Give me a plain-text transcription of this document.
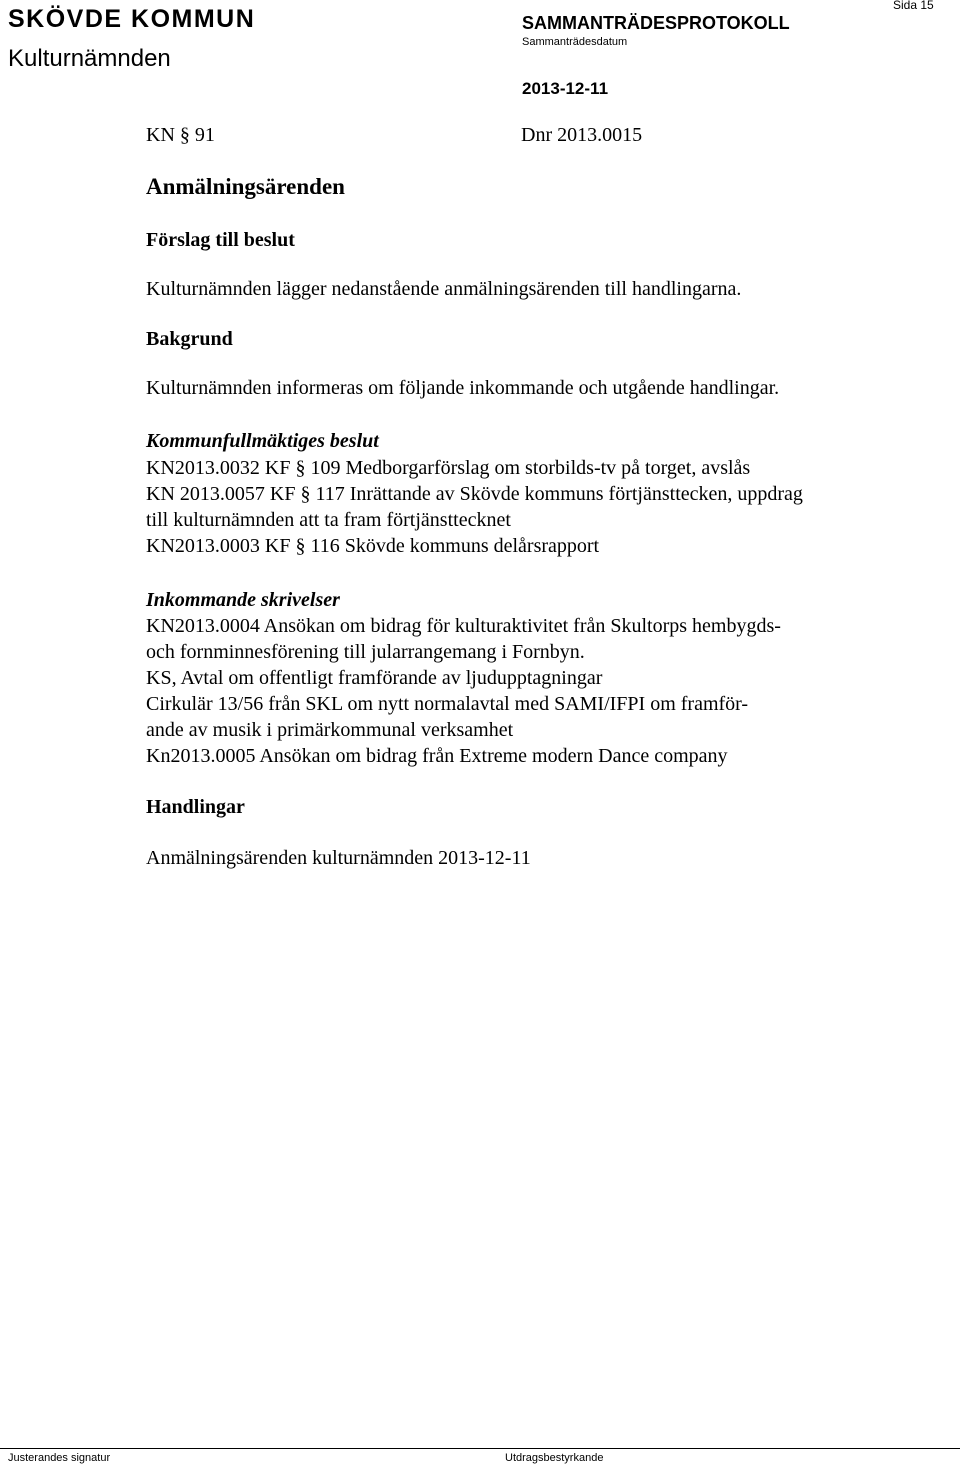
SKÖVDE KOMMUN
Kulturnämnden
SAMMANTRÄDESPROTOKOLL
Sammanträdesdatum
2013-12-11
Sida 15
KN § 91	Dnr 2013.0015
Anmälningsärenden
Förslag till beslut
Kulturnämnden lägger nedanstående anmälningsärenden till handlingarna.
Bakgrund
Kulturnämnden informeras om följande inkommande och utgående handlingar.
Kommunfullmäktiges beslut
KN2013.0032 KF § 109 Medborgarförslag om storbilds-tv på torget, avslås
KN 2013.0057 KF § 117 Inrättande av Skövde kommuns förtjänsttecken, uppdrag
till kulturnämnden att ta fram förtjänsttecknet
KN2013.0003 KF § 116 Skövde kommuns delårsrapport
Inkommande skrivelser
KN2013.0004 Ansökan om bidrag för kulturaktivitet från Skultorps hembygds-
och fornminnesförening till jularrangemang i Fornbyn.
KS, Avtal om offentligt framförande av ljudupptagningar
Cirkulär 13/56 från SKL om nytt normalavtal med SAMI/IFPI om framför-
ande av musik i primärkommunal verksamhet
Kn2013.0005 Ansökan om bidrag från Extreme modern Dance company
Handlingar
Anmälningsärenden kulturnämnden 2013-12-11
Justerandes signatur	Utdragsbestyrkande
